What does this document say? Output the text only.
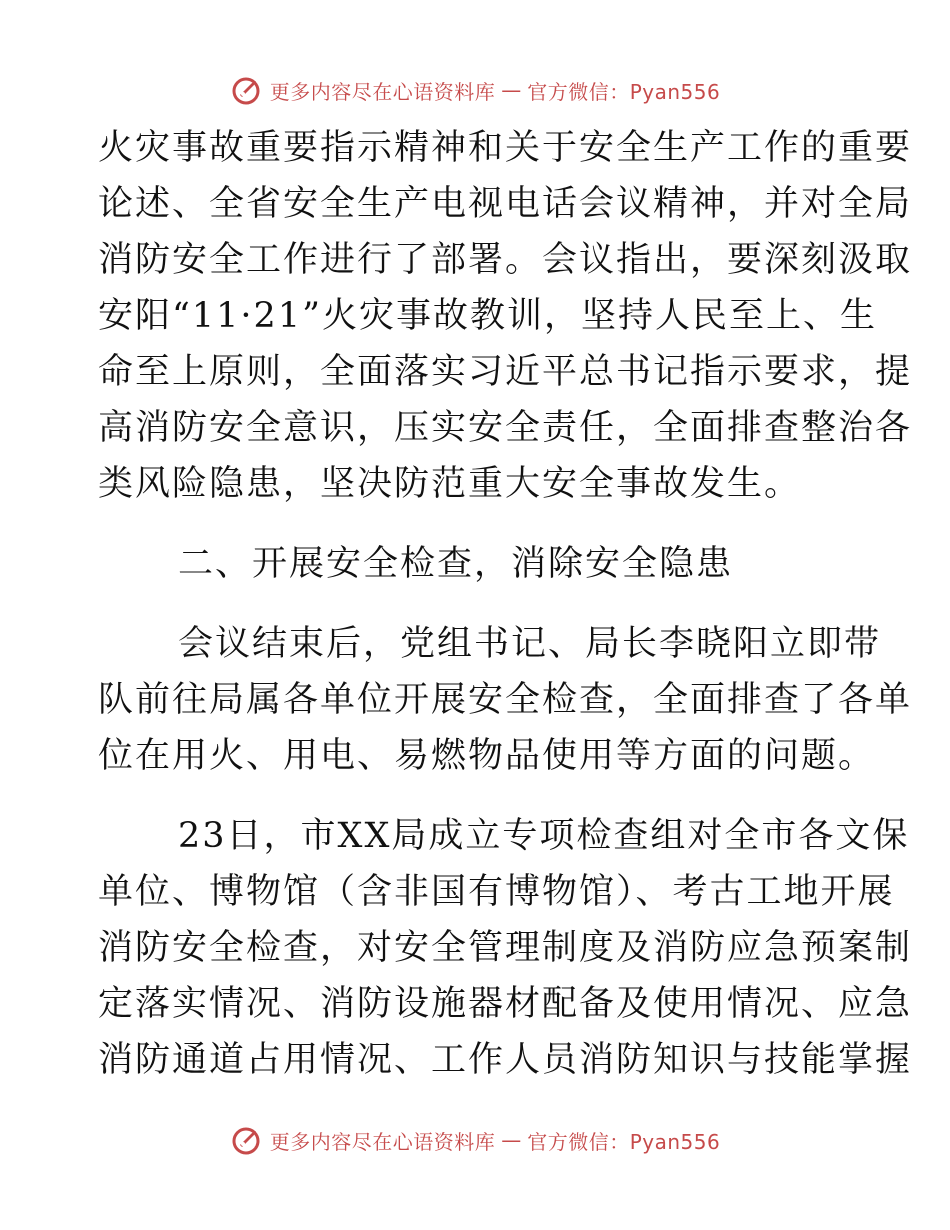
更多内容尽在心语资料库 — 官方微信：Pyan556
火灾事故重要指示精神和关于安全生产工作的重要
论述、全省安全生产电视电话会议精神，并对全局
消防安全工作进行了部署。会议指出，要深刻汲取
安阳“11·21”火灾事故教训，坚持人民至上、生
命至上原则，全面落实习近平总书记指示要求，提
高消防安全意识，压实安全责任，全面排查整治各
类风险隐患，坚决防范重大安全事故发生。
二、开展安全检查，消除安全隐患
会议结束后，党组书记、局长李晓阳立即带
队前往局属各单位开展安全检查，全面排查了各单
位在用火、用电、易燃物品使用等方面的问题。
23日，市XX局成立专项检查组对全市各文保
单位、博物馆（含非国有博物馆）、考古工地开展
消防安全检查，对安全管理制度及消防应急预案制
定落实情况、消防设施器材配备及使用情况、应急
消防通道占用情况、工作人员消防知识与技能掌握
更多内容尽在心语资料库 — 官方微信：Pyan556
